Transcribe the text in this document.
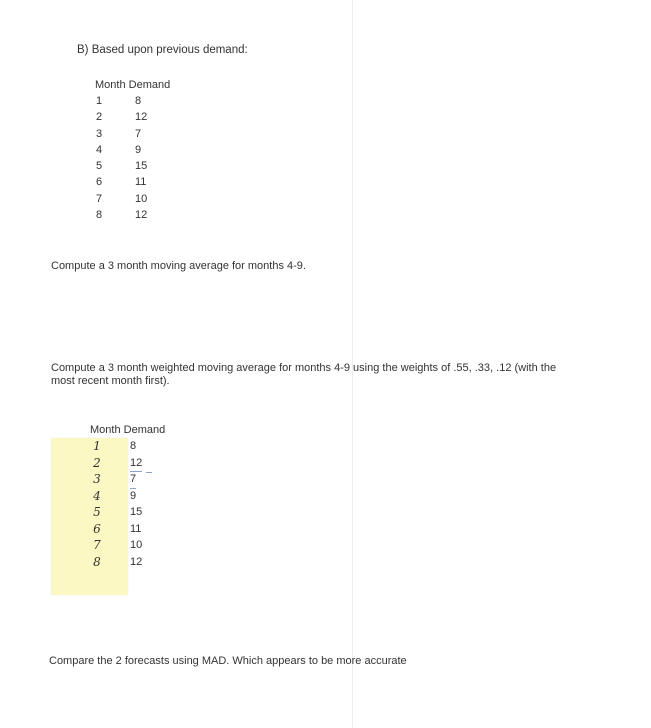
B) Based upon previous demand:
Month Demand
1	8
2	12
3	7
4	9
5	15
6	11
7	10
8	12
Compute a 3 month moving average for months 4-9.
Compute a 3 month weighted moving average for months 4-9 using the weights of .55, .33, .12 (with the
most recent month first).
Month Demand
1	8
2	12
3	7
4	9
5	15
6	11
7	10
8	12
Compare the 2 forecasts using MAD. Which appears to be more accurate
